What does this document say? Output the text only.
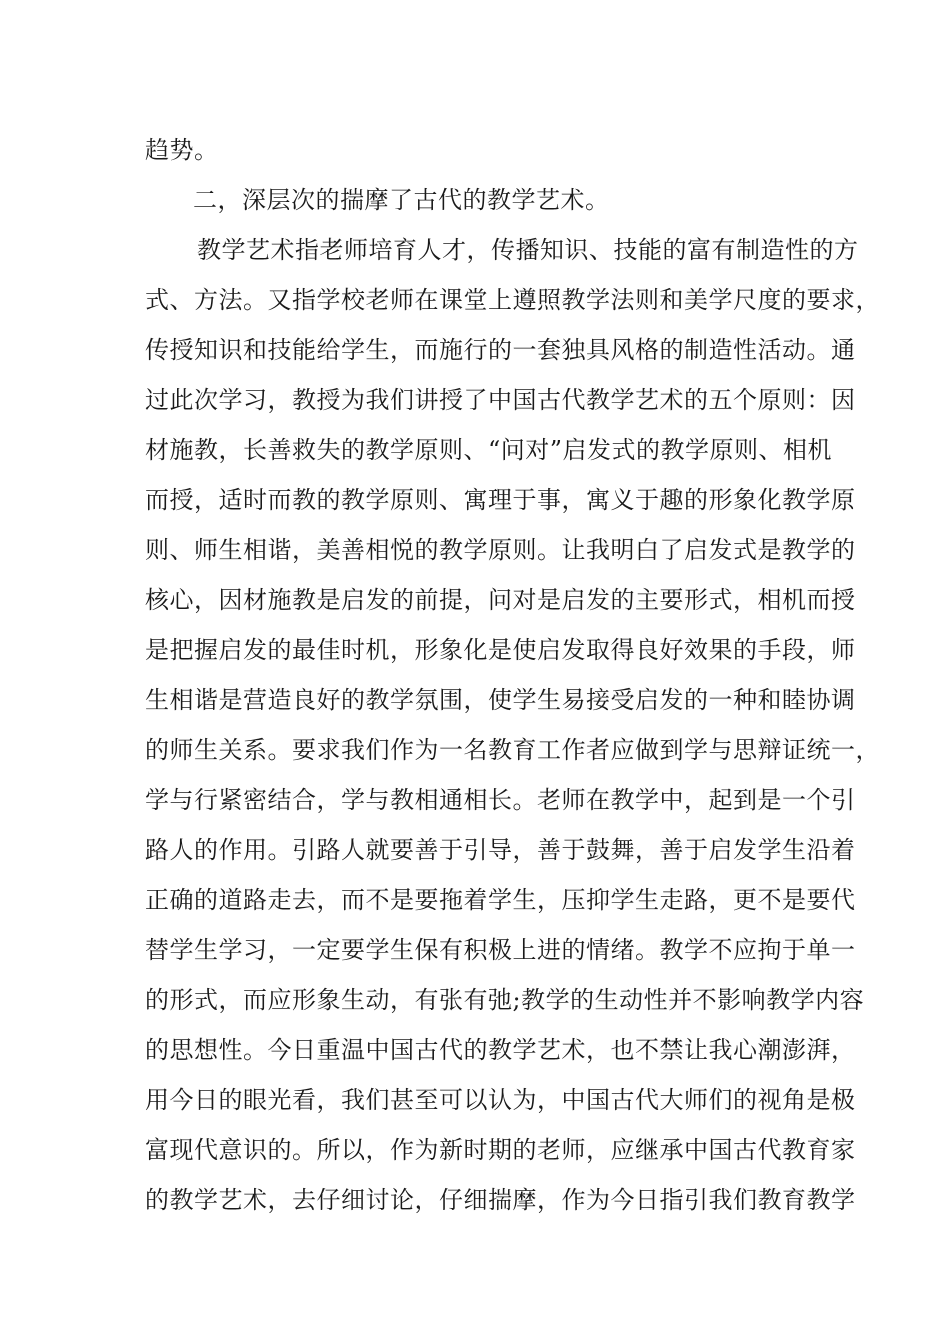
趋势。
二，深层次的揣摩了古代的教学艺术。
教学艺术指老师培育人才，传播知识、技能的富有制造性的方
式、方法。又指学校老师在课堂上遵照教学法则和美学尺度的要求，
传授知识和技能给学生，而施行的一套独具风格的制造性活动。通
过此次学习，教授为我们讲授了中国古代教学艺术的五个原则：因
材施教，长善救失的教学原则、“问对”启发式的教学原则、相机
而授，适时而教的教学原则、寓理于事，寓义于趣的形象化教学原
则、师生相谐，美善相悦的教学原则。让我明白了启发式是教学的
核心，因材施教是启发的前提，问对是启发的主要形式，相机而授
是把握启发的最佳时机，形象化是使启发取得良好效果的手段，师
生相谐是营造良好的教学氛围，使学生易接受启发的一种和睦协调
的师生关系。要求我们作为一名教育工作者应做到学与思辩证统一，
学与行紧密结合，学与教相通相长。老师在教学中，起到是一个引
路人的作用。引路人就要善于引导，善于鼓舞，善于启发学生沿着
正确的道路走去，而不是要拖着学生，压抑学生走路，更不是要代
替学生学习，一定要学生保有积极上进的情绪。教学不应拘于单一
的形式，而应形象生动，有张有弛;教学的生动性并不影响教学内容
的思想性。今日重温中国古代的教学艺术，也不禁让我心潮澎湃，
用今日的眼光看，我们甚至可以认为，中国古代大师们的视角是极
富现代意识的。所以，作为新时期的老师，应继承中国古代教育家
的教学艺术，去仔细讨论，仔细揣摩，作为今日指引我们教育教学
